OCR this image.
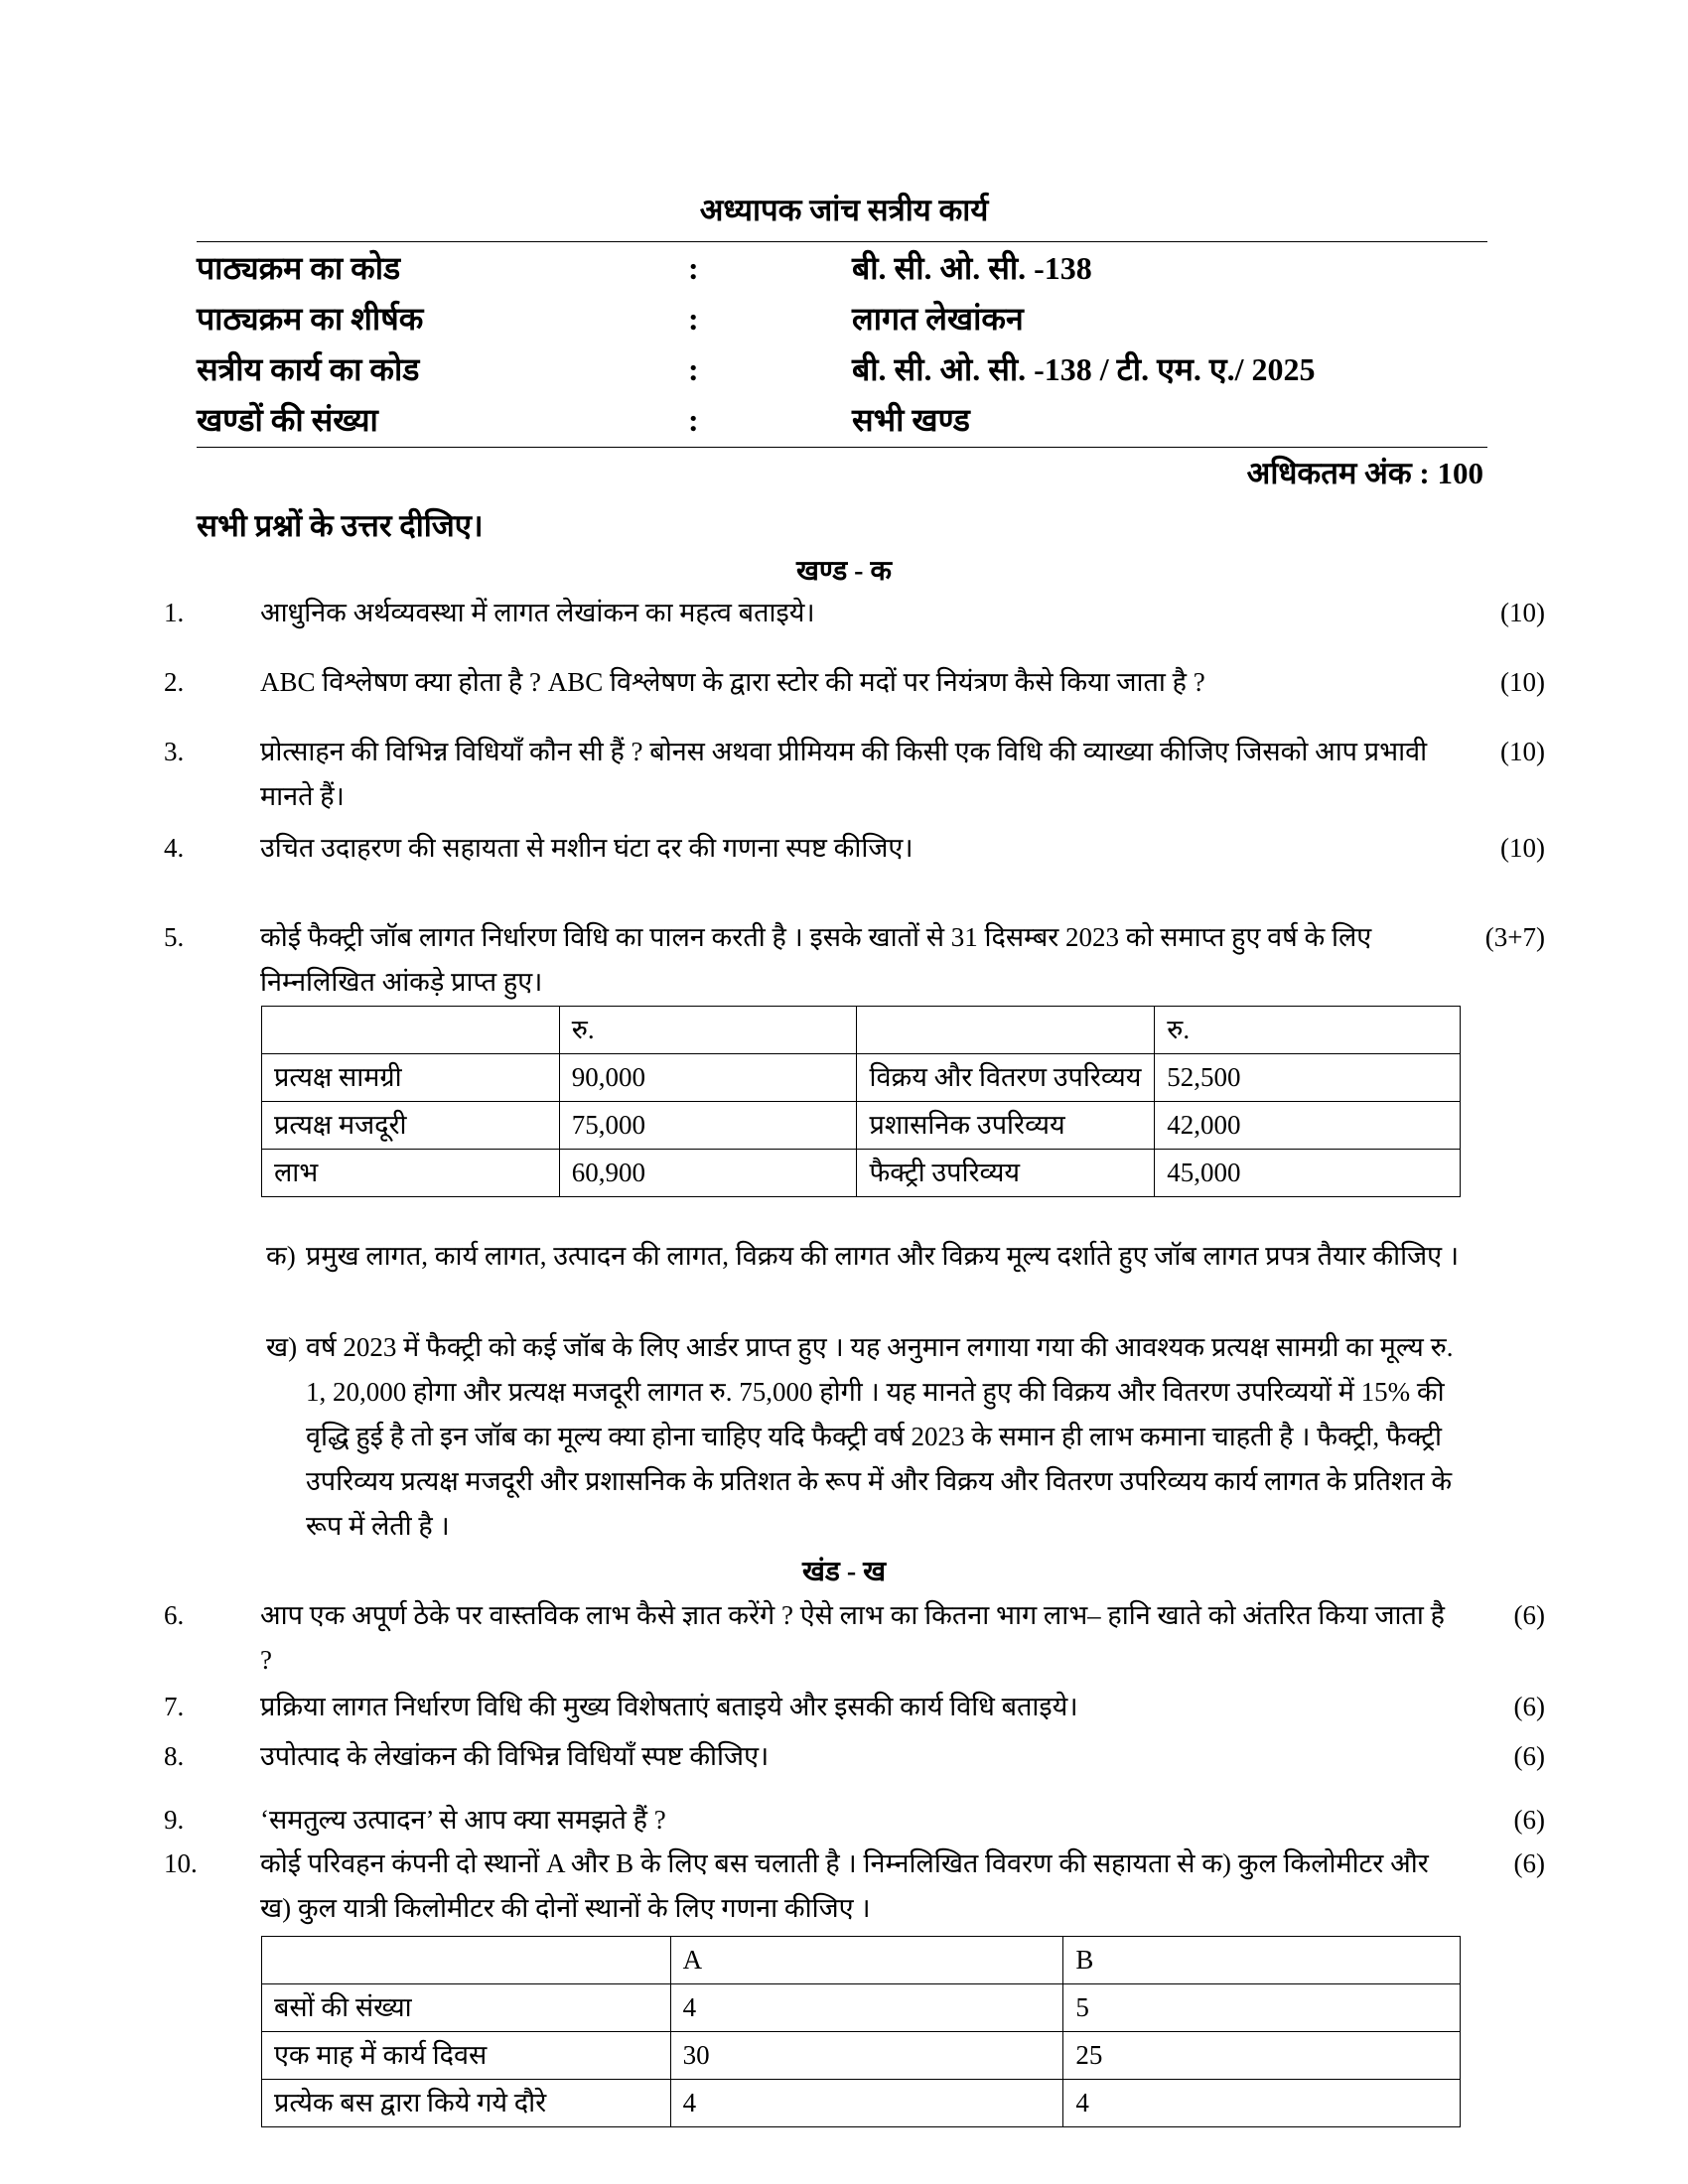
अध्यापक जांच सत्रीय कार्य
पाठ्यक्रम का कोड	:	बी. सी. ओ. सी. -138
पाठ्यक्रम का शीर्षक	:	लागत लेखांकन
सत्रीय कार्य का कोड	:	बी. सी. ओ. सी. -138 / टी. एम. ए./ 2025
खण्डों की संख्या	:	सभी खण्ड
अधिकतम अंक : 100
सभी प्रश्नों के उत्तर दीजिए।
खण्ड - क
1.	आधुनिक अर्थव्यवस्था में लागत लेखांकन का महत्व बताइये।	(10)
2.	ABC विश्लेषण क्या होता है ? ABC विश्लेषण के द्वारा स्टोर की मदों पर नियंत्रण कैसे किया जाता है ?	(10)
3.	प्रोत्साहन की विभिन्न विधियाँ कौन सी हैं ? बोनस अथवा प्रीमियम की किसी एक विधि की व्याख्या कीजिए जिसको आप प्रभावी मानते हैं।
(10)
4.	उचित उदाहरण की सहायता से मशीन घंटा दर की गणना स्पष्ट कीजिए।	(10)
5.	कोई फैक्ट्री जॉब लागत निर्धारण विधि का पालन करती है । इसके खातों से 31 दिसम्बर 2023 को समाप्त हुए वर्ष के लिए निम्नलिखित आंकड़े प्राप्त हुए।
(3+7)
	रु.		रु.
प्रत्यक्ष सामग्री	90,000	विक्रय और वितरण उपरिव्यय	52,500
प्रत्यक्ष मजदूरी	75,000	प्रशासनिक उपरिव्यय	42,000
लाभ	60,900	फैक्ट्री उपरिव्यय	45,000
क) प्रमुख लागत, कार्य लागत, उत्पादन की लागत, विक्रय की लागत और विक्रय मूल्य दर्शाते हुए जॉब लागत प्रपत्र तैयार कीजिए ।
ख) वर्ष 2023 में फैक्ट्री को कई जॉब के लिए आर्डर प्राप्त हुए । यह अनुमान लगाया गया की आवश्यक प्रत्यक्ष सामग्री का मूल्य रु. 1, 20,000 होगा और प्रत्यक्ष मजदूरी लागत रु. 75,000 होगी । यह मानते हुए की विक्रय और वितरण उपरिव्ययों में 15% की वृद्धि हुई है तो इन जॉब का मूल्य क्या होना चाहिए यदि फैक्ट्री वर्ष 2023 के समान ही लाभ कमाना चाहती है । फैक्ट्री, फैक्ट्री उपरिव्यय प्रत्यक्ष मजदूरी और प्रशासनिक के प्रतिशत के रूप में और विक्रय और वितरण उपरिव्यय कार्य लागत के प्रतिशत के रूप में लेती है ।
खंड - ख
6.	आप एक अपूर्ण ठेके पर वास्तविक लाभ कैसे ज्ञात करेंगे ? ऐसे लाभ का कितना भाग लाभ– हानि खाते को अंतरित किया जाता है ?
(6)
7.	प्रक्रिया लागत निर्धारण विधि की मुख्य विशेषताएं बताइये और इसकी कार्य विधि बताइये।	(6)
8.	उपोत्पाद के लेखांकन की विभिन्न विधियाँ स्पष्ट कीजिए।	(6)
9.	‘समतुल्य उत्पादन’ से आप क्या समझते हैं ?	(6)
10. कोई परिवहन कंपनी दो स्थानों A और B के लिए बस चलाती है । निम्नलिखित विवरण की सहायता से क) कुल किलोमीटर और ख) कुल यात्री किलोमीटर की दोनों स्थानों के लिए गणना कीजिए ।
(6)
	A	B
बसों की संख्या	4	5
एक माह में कार्य दिवस	30	25
प्रत्येक बस द्वारा किये गये दौरे	4	4
